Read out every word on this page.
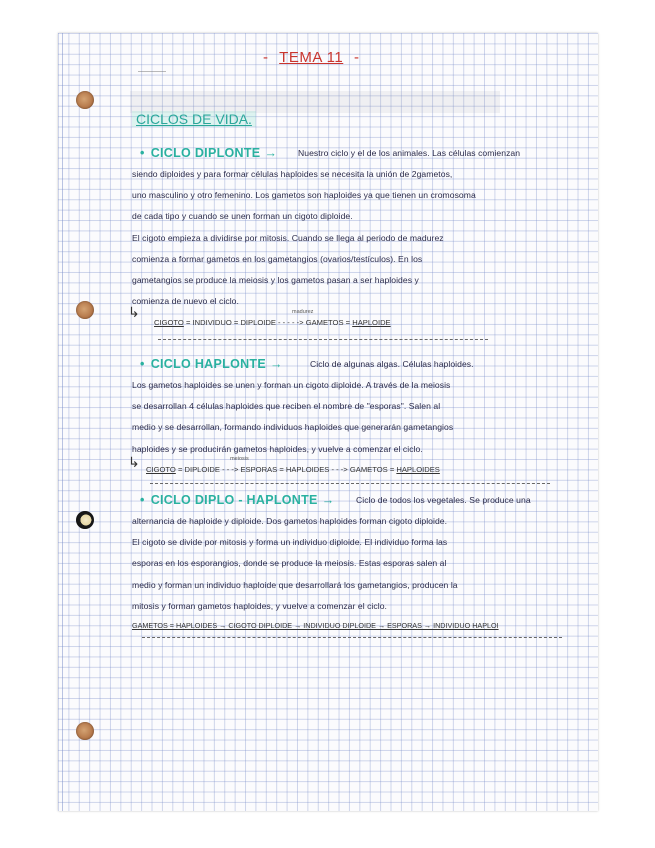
- TEMA 11 -
CICLOS DE VIDA.
• CICLO DIPLONTE →	Nuestro ciclo y el de los animales. Las células comienzan
siendo diploides y para formar células haploides se necesita la unión de 2gametos,
uno masculino y otro femenino. Los gametos son haploides ya que tienen un cromosoma
de cada tipo y cuando se unen forman un cigoto diploide.
El cigoto empieza a dividirse por mitosis. Cuando se llega al periodo de madurez
comienza a formar gametos en los gametangios (ovarios/testículos). En los
gametangios se produce la meiosis y los gametos pasan a ser haploides y
comienza de nuevo el ciclo.
↳
CIGOTO = INDIVIDUO = DIPLOIDE
madurez
- - - - -> GAMETOS = HAPLOIDE
• CICLO HAPLONTE →	Ciclo de algunas algas. Células haploides.
Los gametos haploides se unen y forman un cigoto diploide. A través de la meiosis
se desarrollan 4 células haploides que reciben el nombre de "esporas". Salen al
medio y se desarrollan, formando individuos haploides que generarán gametangios
haploides y se producirán gametos haploides, y vuelve a comenzar el ciclo.
↳ CIGOTO = DIPLOIDE
meiosis
- - -> ESPORAS = HAPLOIDES - - -> GAMETOS = HAPLOIDES
• CICLO DIPLO - HAPLONTE →	Ciclo de todos los vegetales. Se produce una
alternancia de haploide y diploide. Dos gametos haploides forman cigoto diploide.
El cigoto se divide por mitosis y forma un individuo diploide. El individuo forma las
esporas en los esporangios, donde se produce la meiosis. Estas esporas salen al
medio y forman un individuo haploide que desarrollará los gametangios, producen la
mitosis y forman gametos haploides, y vuelve a comenzar el ciclo.
GAMETOS = HAPLOIDES → CIGOTO DIPLOIDE → INDIVIDUO DIPLOIDE → ESPORAS → INDIVIDUO HAPLOI
